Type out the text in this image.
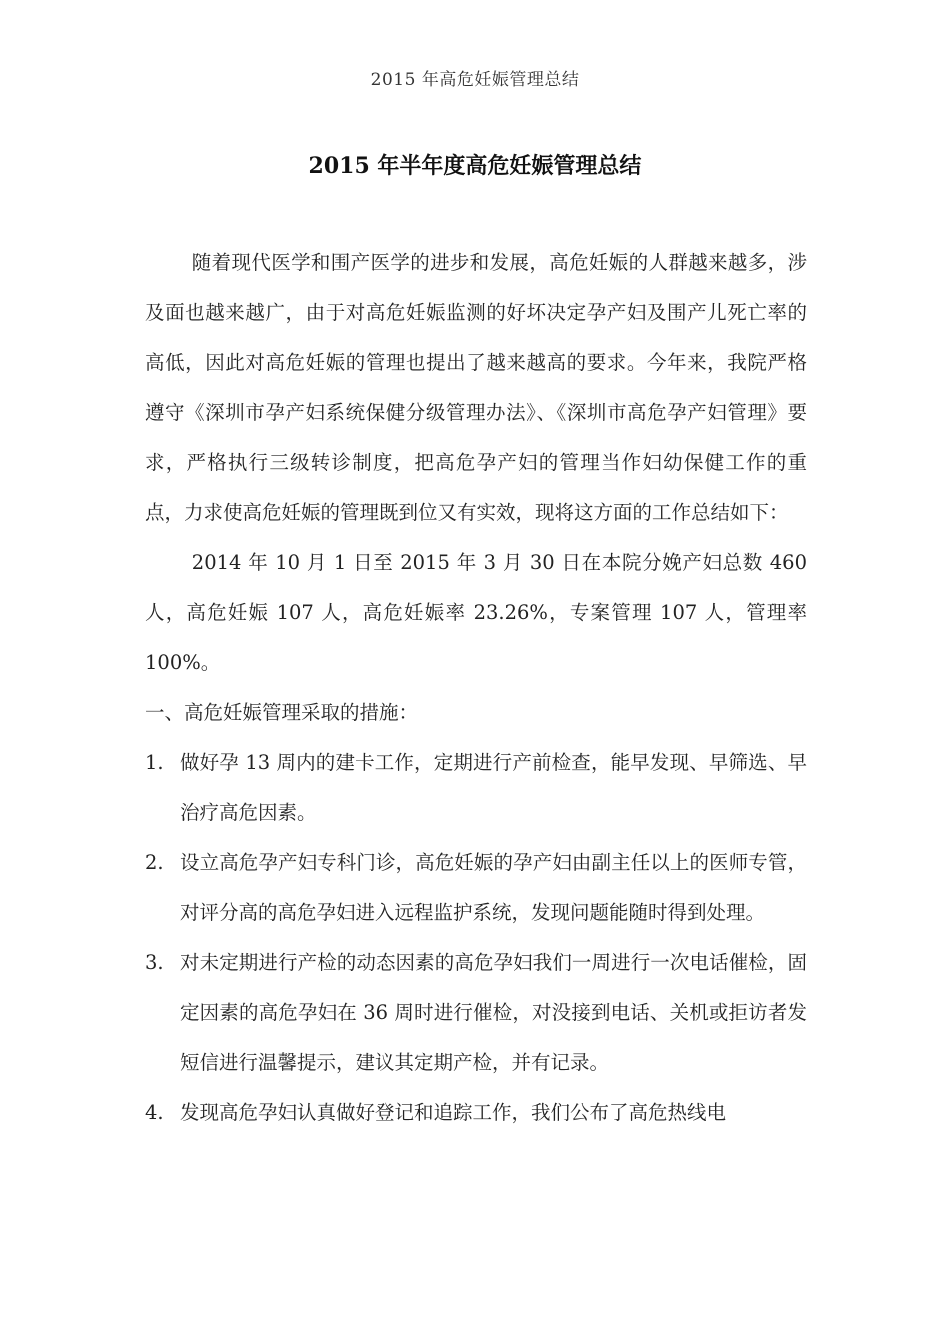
2015 年高危妊娠管理总结
2015 年半年度高危妊娠管理总结

随着现代医学和围产医学的进步和发展，高危妊娠的人群越来越多，涉及面也越来越广，由于对高危妊娠监测的好坏决定孕产妇及围产儿死亡率的高低，因此对高危妊娠的管理也提出了越来越高的要求。今年来，我院严格遵守《深圳市孕产妇系统保健分级管理办法》、《深圳市高危孕产妇管理》要求，严格执行三级转诊制度，把高危孕产妇的管理当作妇幼保健工作的重点，力求使高危妊娠的管理既到位又有实效，现将这方面的工作总结如下：

2014 年 10 月 1 日至 2015 年 3 月 30 日在本院分娩产妇总数 460 人，高危妊娠 107 人，高危妊娠率 23.26%，专案管理 107 人，管理率 100%。

一、高危妊娠管理采取的措施：

1. 做好孕 13 周内的建卡工作，定期进行产前检查，能早发现、早筛选、早治疗高危因素。
2. 设立高危孕产妇专科门诊，高危妊娠的孕产妇由副主任以上的医师专管，对评分高的高危孕妇进入远程监护系统，发现问题能随时得到处理。
3. 对未定期进行产检的动态因素的高危孕妇我们一周进行一次电话催检，固定因素的高危孕妇在 36 周时进行催检，对没接到电话、关机或拒访者发短信进行温馨提示，建议其定期产检，并有记录。
4. 发现高危孕妇认真做好登记和追踪工作，我们公布了高危热线电
